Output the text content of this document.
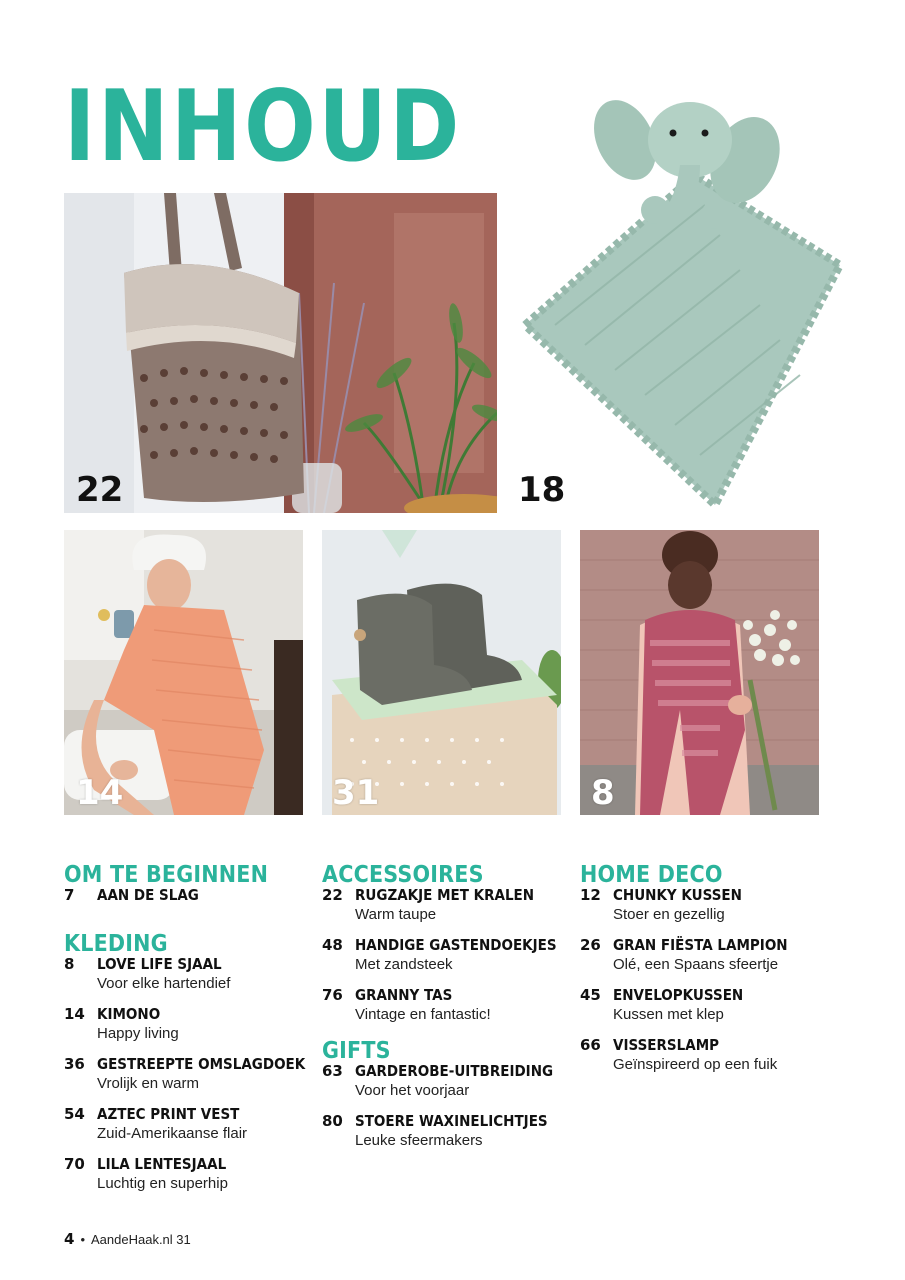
INHOUD
22	18
14	31	8
OM TE BEGINNEN
7 AAN DE SLAG
KLEDING
8 LOVE LIFE SJAAL
Voor elke hartendief
14 KIMONO
Happy living
36 GESTREEPTE OMSLAGDOEK
Vrolijk en warm
54 AZTEC PRINT VEST
Zuid-Amerikaanse flair
70 LILA LENTESJAAL
Luchtig en superhip
ACCESSOIRES
22 RUGZAKJE MET KRALEN
Warm taupe
48 HANDIGE GASTENDOEKJES
Met zandsteek
76 GRANNY TAS
Vintage en fantastic!
GIFTS
63 GARDEROBE-UITBREIDING
Voor het voorjaar
80 STOERE WAXINELICHTJES
Leuke sfeermakers
HOME DECO
12 CHUNKY KUSSEN
Stoer en gezellig
26 GRAN FIËSTA LAMPION
Olé, een Spaans sfeertje
45 ENVELOPKUSSEN
Kussen met klep
66 VISSERSLAMP
Geïnspireerd op een fuik
4 • AandeHaak.nl 31
